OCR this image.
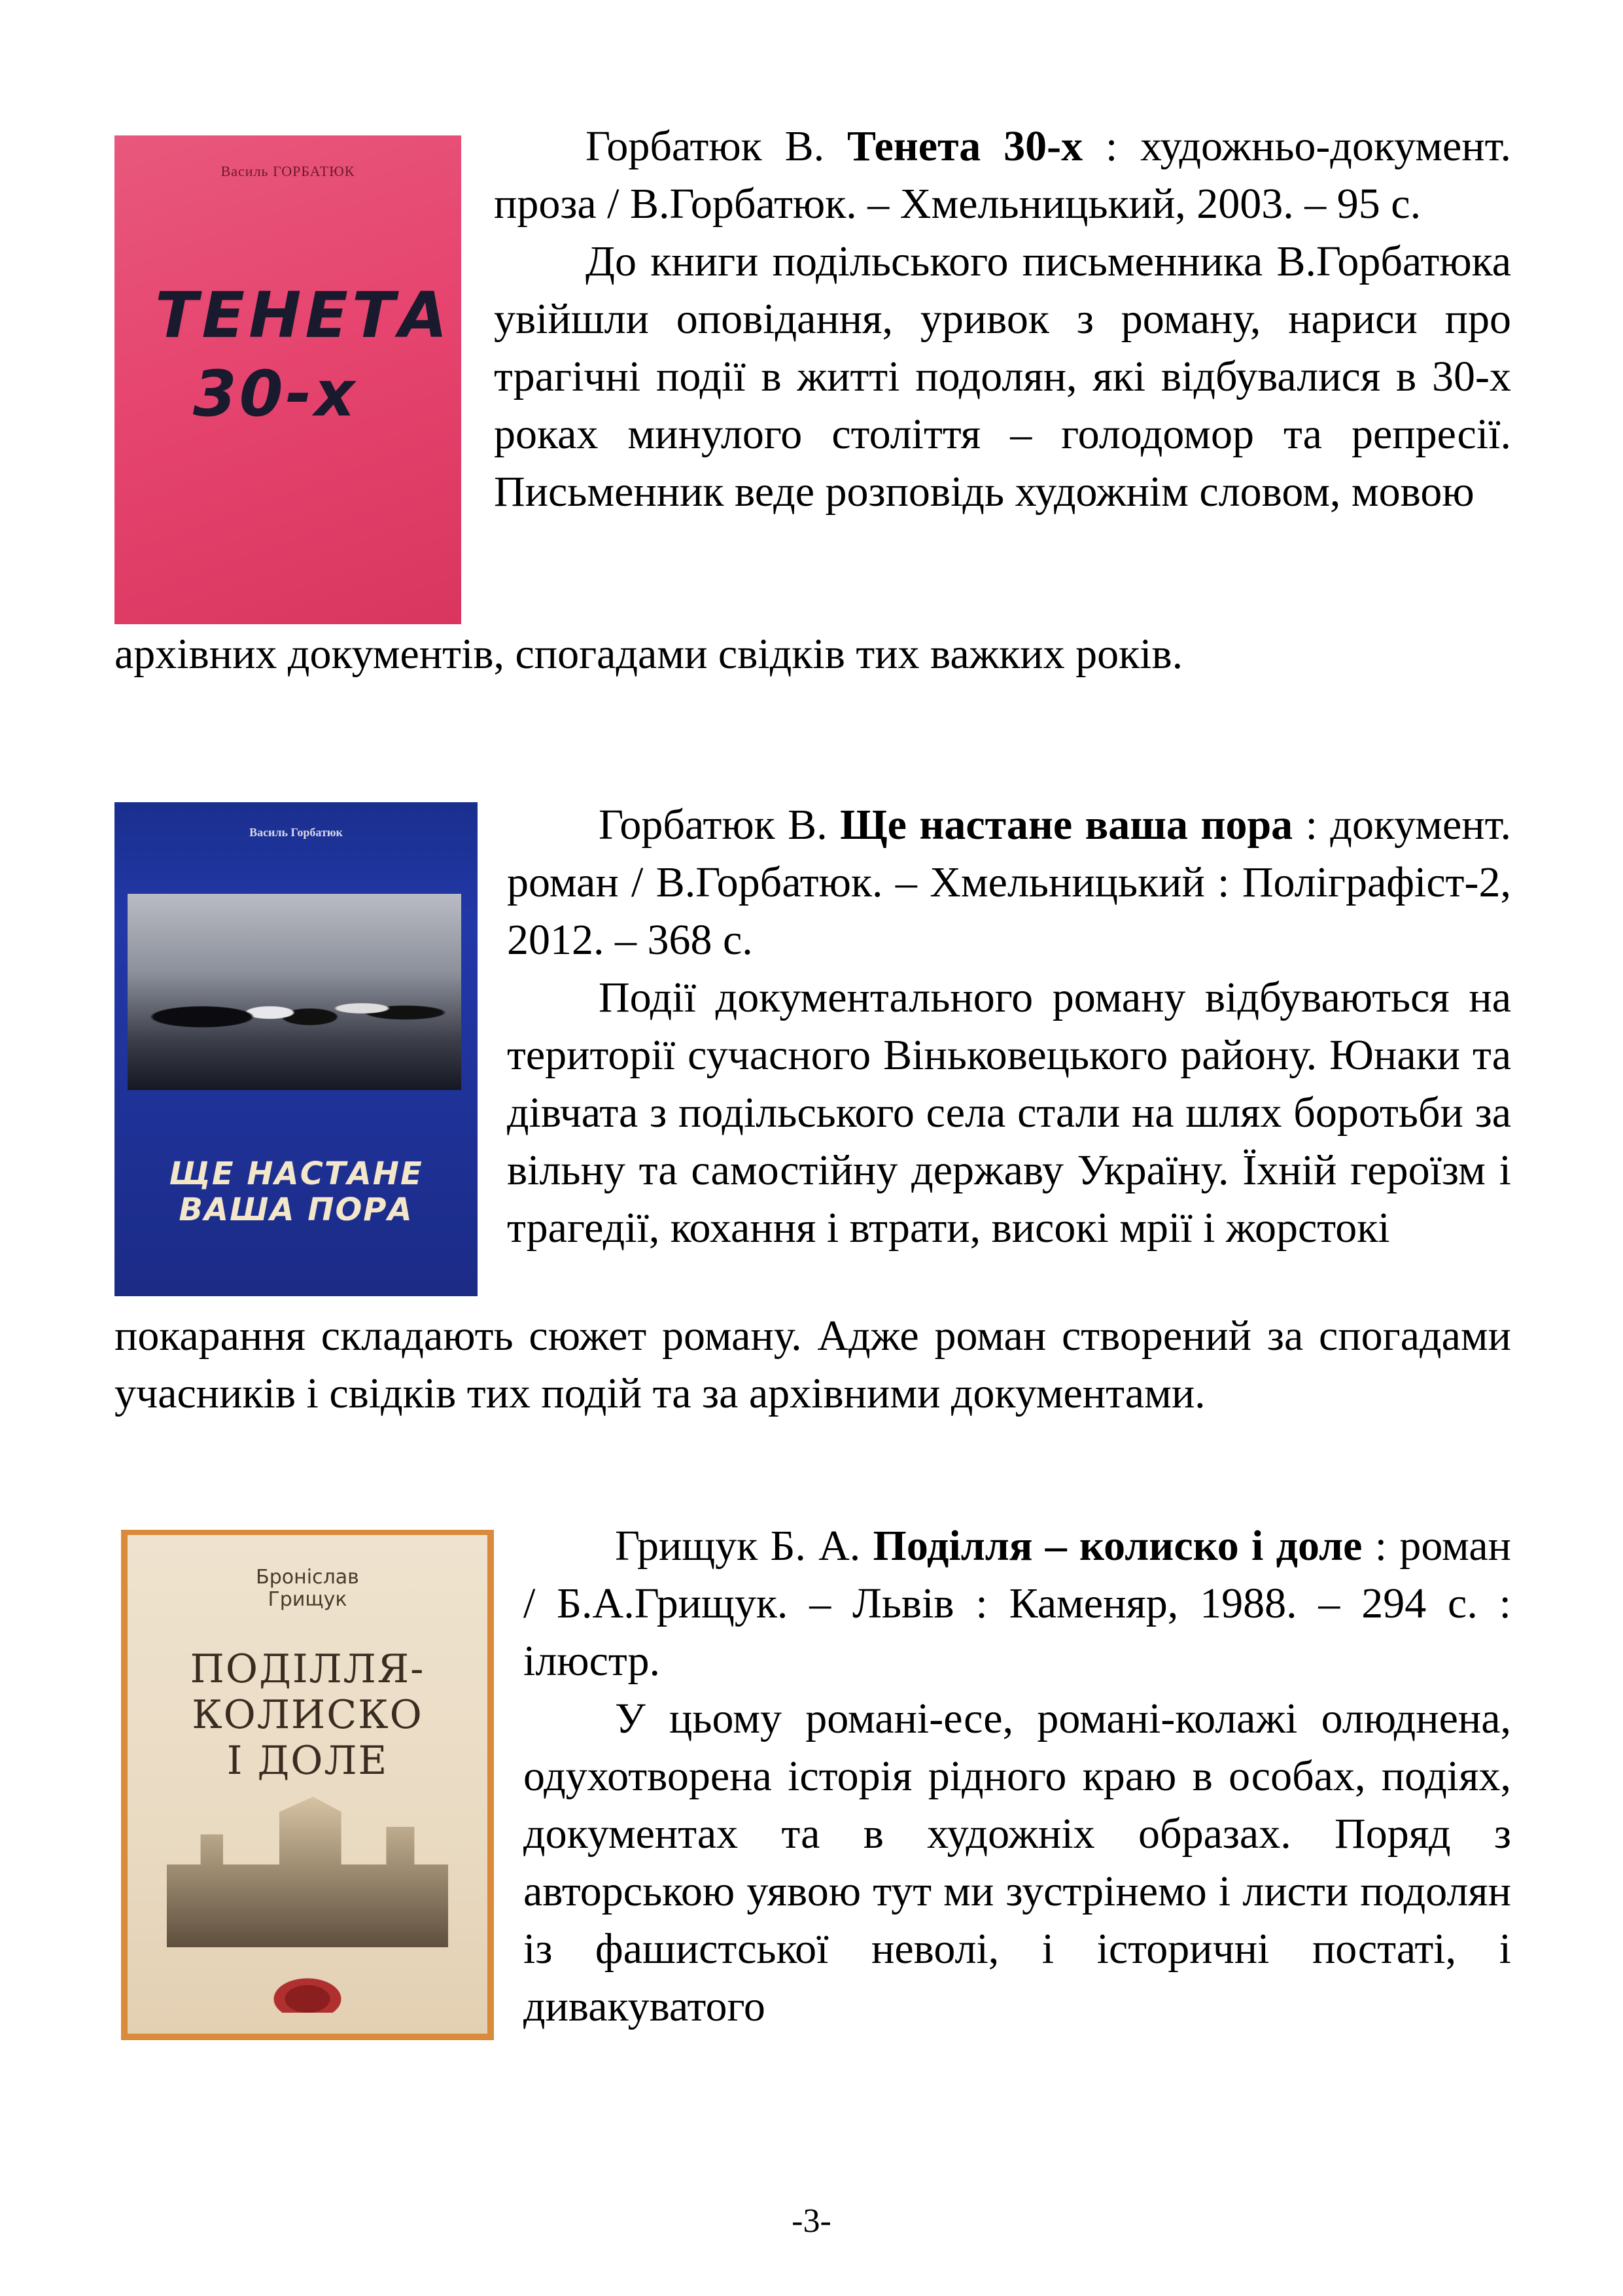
Василь ГОРБАТЮК
ТЕНЕТА
30-х

Горбатюк В. Тенета 30-х : художньо-документ. проза / В.Горбатюк. – Хмельницький, 2003. – 95 с.

До книги подільського письменника В.Горбатюка увійшли оповідання, уривок з роману, нариси про трагічні події в житті подолян, які відбувалися в 30-х роках минулого століття – голодомор та репресії. Письменник веде розповідь художнім словом, мовою

архівних документів, спогадами свідків тих важких років.

Василь Горбатюк
ЩЕ НАСТАНЕ
ВАША ПОРА

Горбатюк В. Ще настане ваша пора : документ. роман / В.Горбатюк. – Хмельницький : Поліграфіст-2, 2012. – 368 с.

Події документального роману відбуваються на території сучасного Віньковецького району. Юнаки та дівчата з подільського села стали на шлях боротьби за вільну та самостійну державу Україну. Їхній героїзм і трагедії, кохання і втрати, високі мрії і жорстокі

покарання складають сюжет роману. Адже роман створений за спогадами учасників і свідків тих подій та за архівними документами.

Броніслав
Грищук
ПОДІЛЛЯ-
КОЛИСКО
І ДОЛЕ

Грищук Б. А. Поділля – колиско і доле : роман / Б.А.Грищук. – Львів : Каменяр, 1988. – 294 с. : ілюстр.

У цьому романі-есе, романі-колажі олюднена, одухотворена історія рідного краю в особах, подіях, документах та в художніх образах. Поряд з авторською уявою тут ми зустрінемо і листи подолян із фашистської неволі, і історичні постаті, і дивакуватого

-3-
